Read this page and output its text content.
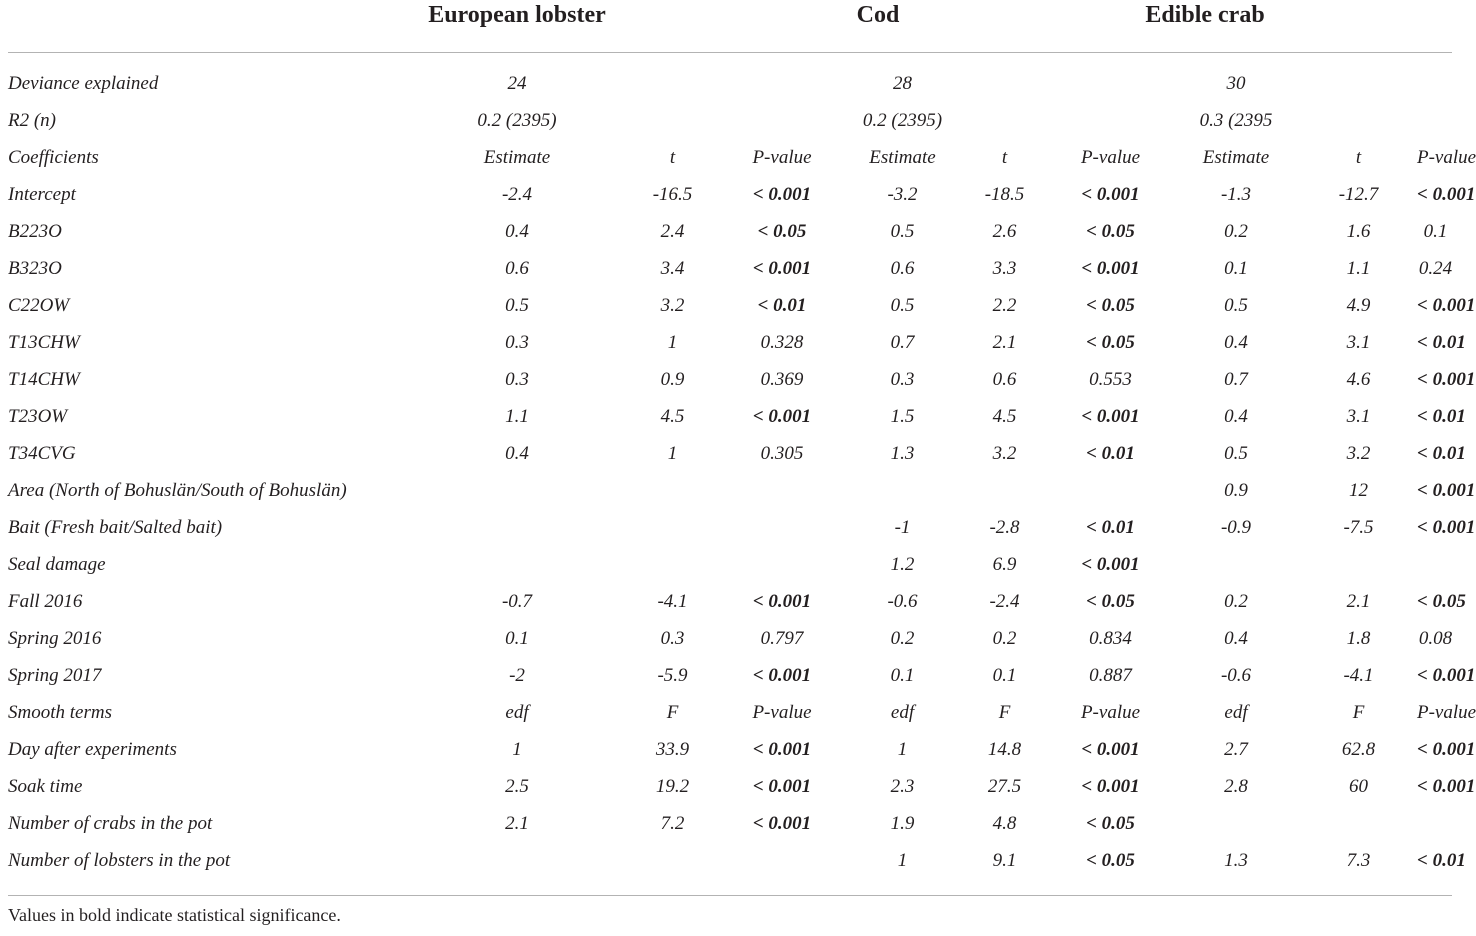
European lobster	Cod	Edible crab
Deviance explained	24			28			30			
R2 (n)	0.2 (2395)			0.2 (2395)			0.3 (2395			
Coefficients	Estimate	t	P-value	Estimate	t	P-value	Estimate	t	P-value	
Intercept	-2.4	-16.5	< 0.001	-3.2	-18.5	< 0.001	-1.3	-12.7	< 0.001	
B223O	0.4	2.4	< 0.05	0.5	2.6	< 0.05	0.2	1.6	0.1	
B323O	0.6	3.4	< 0.001	0.6	3.3	< 0.001	0.1	1.1	0.24	
C22OW	0.5	3.2	< 0.01	0.5	2.2	< 0.05	0.5	4.9	< 0.001	
T13CHW	0.3	1	0.328	0.7	2.1	< 0.05	0.4	3.1	< 0.01	
T14CHW	0.3	0.9	0.369	0.3	0.6	0.553	0.7	4.6	< 0.001	
T23OW	1.1	4.5	< 0.001	1.5	4.5	< 0.001	0.4	3.1	< 0.01	
T34CVG	0.4	1	0.305	1.3	3.2	< 0.01	0.5	3.2	< 0.01	
Area (North of Bohuslän/South of Bohuslän)							0.9	12	< 0.001	
Bait (Fresh bait/Salted bait)				-1	-2.8	< 0.01	-0.9	-7.5	< 0.001	
Seal damage				1.2	6.9	< 0.001				
Fall 2016	-0.7	-4.1	< 0.001	-0.6	-2.4	< 0.05	0.2	2.1	< 0.05	
Spring 2016	0.1	0.3	0.797	0.2	0.2	0.834	0.4	1.8	0.08	
Spring 2017	-2	-5.9	< 0.001	0.1	0.1	0.887	-0.6	-4.1	< 0.001	
Smooth terms	edf	F	P-value	edf	F	P-value	edf	F	P-value	
Day after experiments	1	33.9	< 0.001	1	14.8	< 0.001	2.7	62.8	< 0.001	
Soak time	2.5	19.2	< 0.001	2.3	27.5	< 0.001	2.8	60	< 0.001	
Number of crabs in the pot	2.1	7.2	< 0.001	1.9	4.8	< 0.05				
Number of lobsters in the pot				1	9.1	< 0.05	1.3	7.3	< 0.01	
Values in bold indicate statistical significance.
